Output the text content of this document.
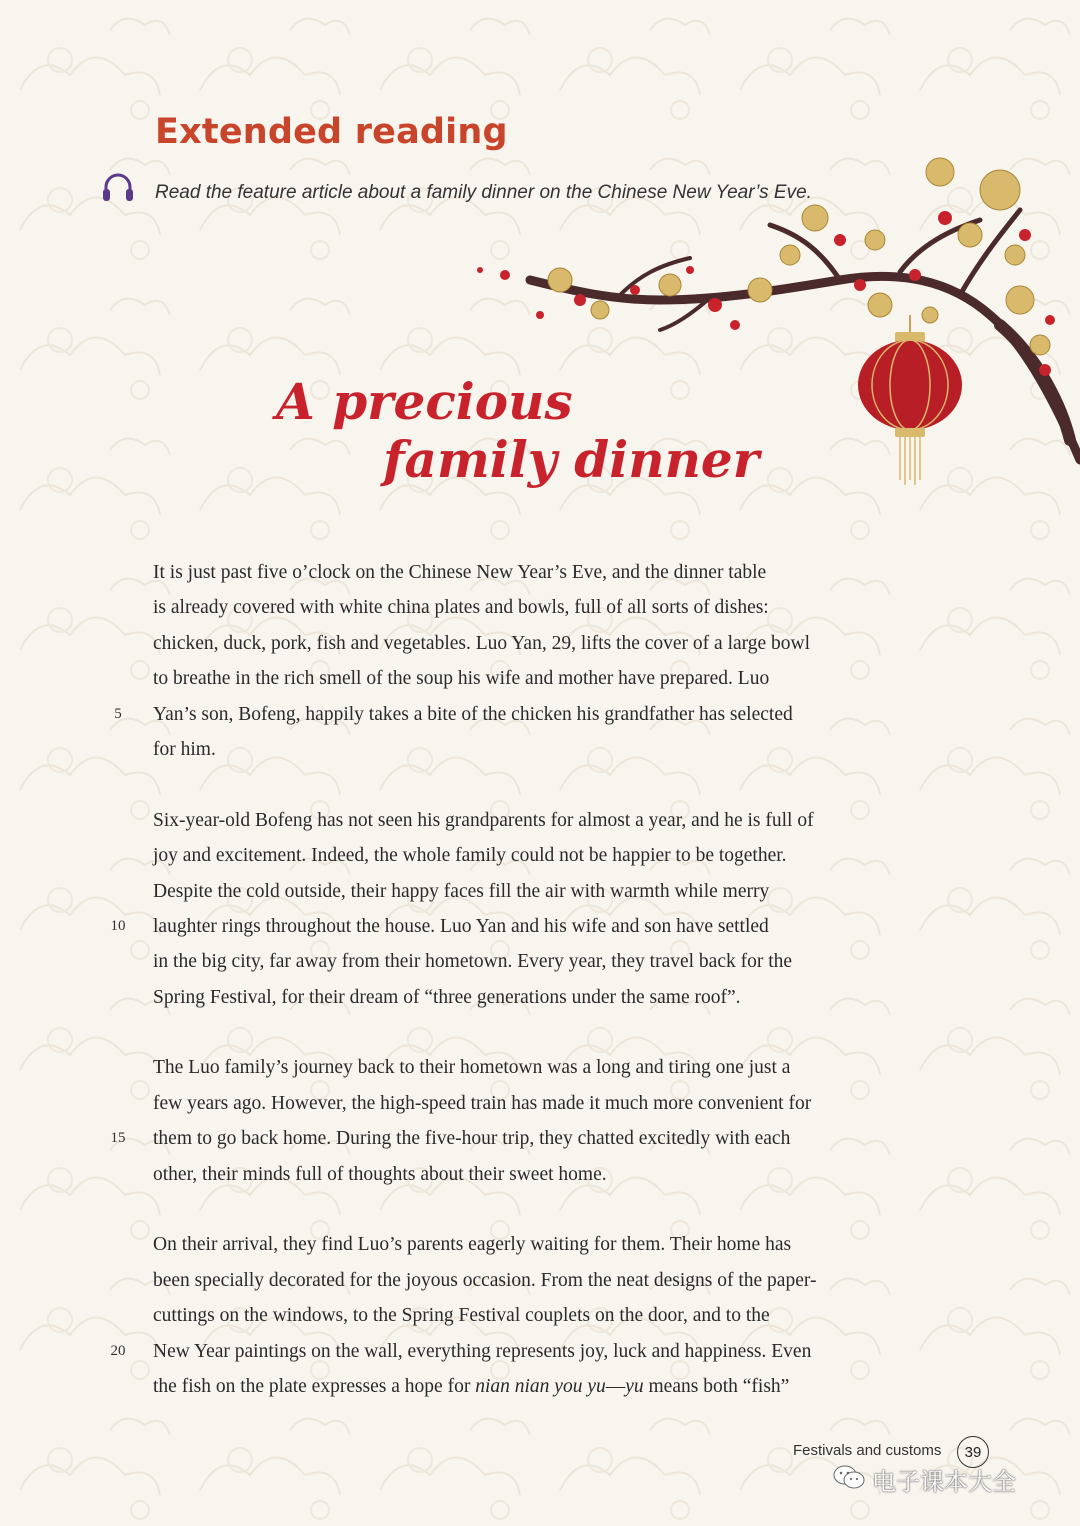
Extended reading

Read the feature article about a family dinner on the Chinese New Year’s Eve.

A precious
family dinner
It is just past five o’clock on the Chinese New Year’s Eve, and the dinner table
is already covered with white china plates and bowls, full of all sorts of dishes:
chicken, duck, pork, fish and vegetables. Luo Yan, 29, lifts the cover of a large bowl
to breathe in the rich smell of the soup his wife and mother have prepared. Luo
5	Yan’s son, Bofeng, happily takes a bite of the chicken his grandfather has selected
for him.
Six-year-old Bofeng has not seen his grandparents for almost a year, and he is full of
joy and excitement. Indeed, the whole family could not be happier to be together.
Despite the cold outside, their happy faces fill the air with warmth while merry
10 laughter rings throughout the house. Luo Yan and his wife and son have settled
in the big city, far away from their hometown. Every year, they travel back for the
Spring Festival, for their dream of “three generations under the same roof”.
The Luo family’s journey back to their hometown was a long and tiring one just a
few years ago. However, the high-speed train has made it much more convenient for
15 them to go back home. During the five-hour trip, they chatted excitedly with each
other, their minds full of thoughts about their sweet home.
On their arrival, they find Luo’s parents eagerly waiting for them. Their home has
been specially decorated for the joyous occasion. From the neat designs of the paper-
cuttings on the windows, to the Spring Festival couplets on the door, and to the
20 New Year paintings on the wall, everything represents joy, luck and happiness. Even
the fish on the plate expresses a hope for nian nian you yu—yu means both “fish”
Festivals and customs	39
电子课本大全
